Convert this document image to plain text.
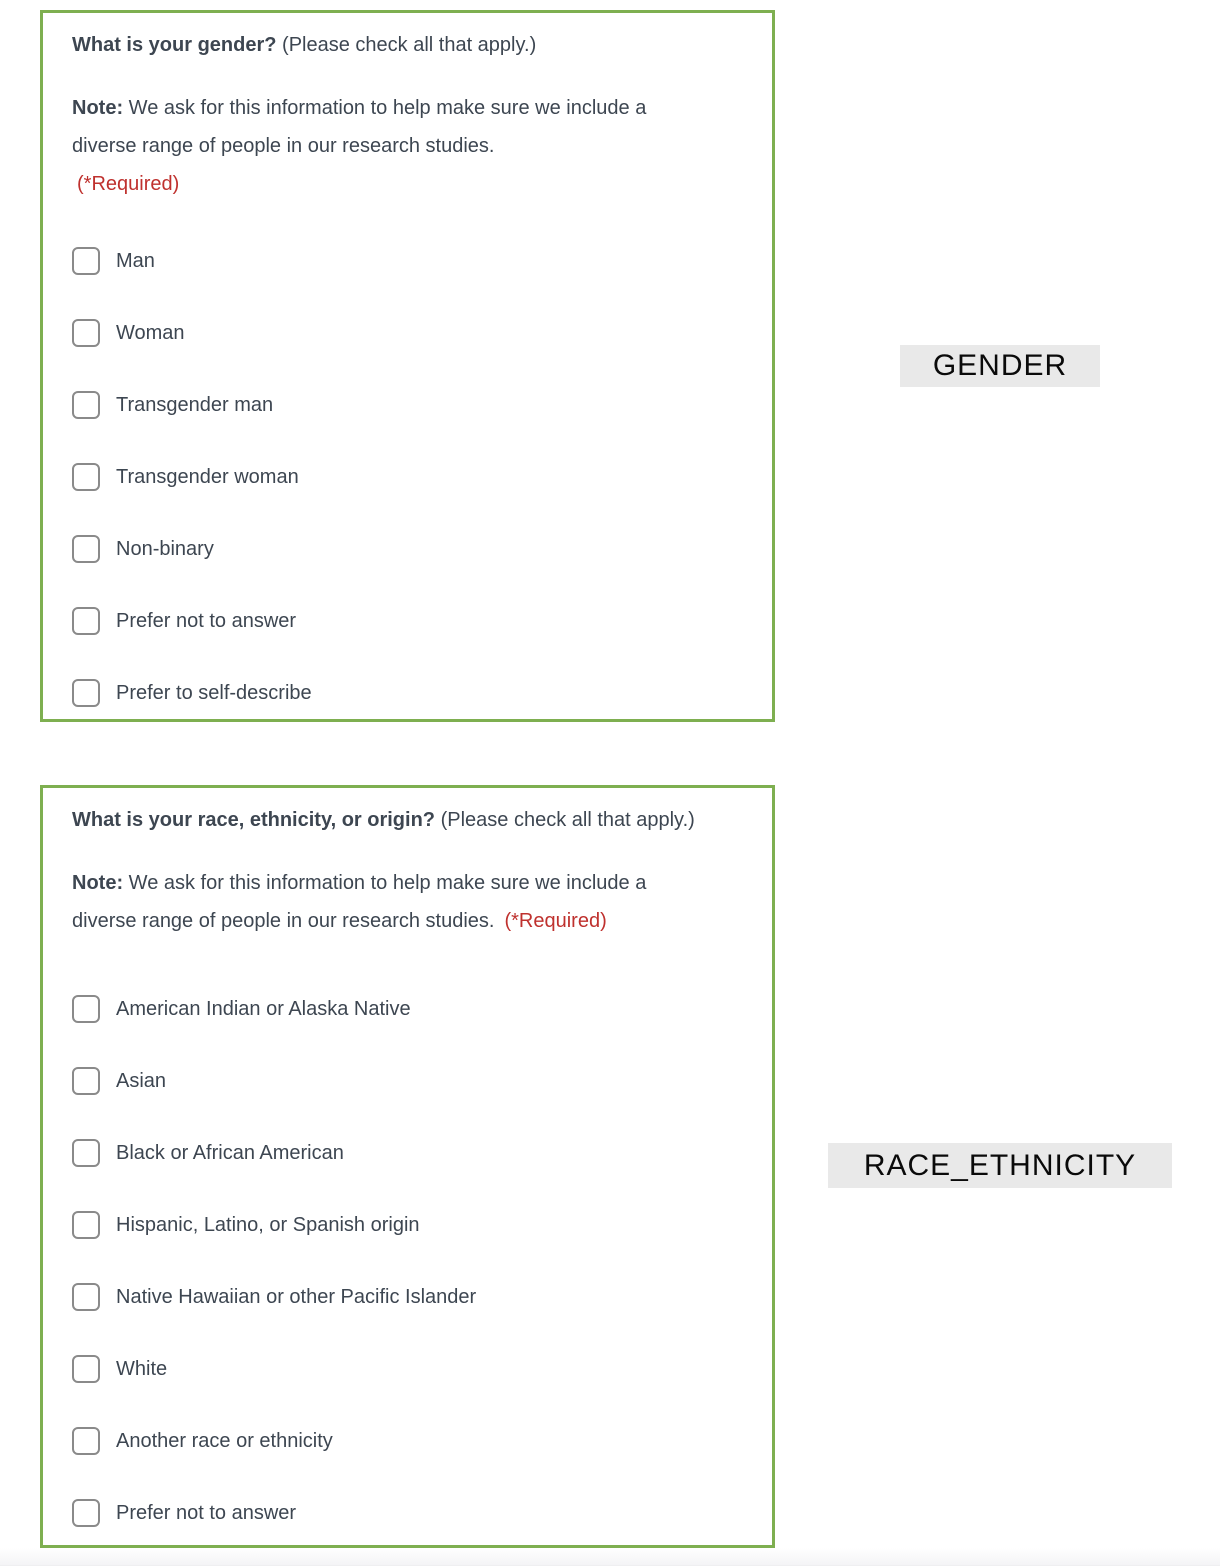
What is your gender? (Please check all that apply.)
Note: We ask for this information to help make sure we include a
diverse range of people in our research studies.
(*Required)
Man
Woman
Transgender man
Transgender woman
Non-binary
Prefer not to answer
Prefer to self-describe
What is your race, ethnicity, or origin? (Please check all that apply.)
Note: We ask for this information to help make sure we include a
diverse range of people in our research studies. (*Required)
American Indian or Alaska Native
Asian
Black or African American
Hispanic, Latino, or Spanish origin
Native Hawaiian or other Pacific Islander
White
Another race or ethnicity
Prefer not to answer
GENDER
RACE_ETHNICITY
